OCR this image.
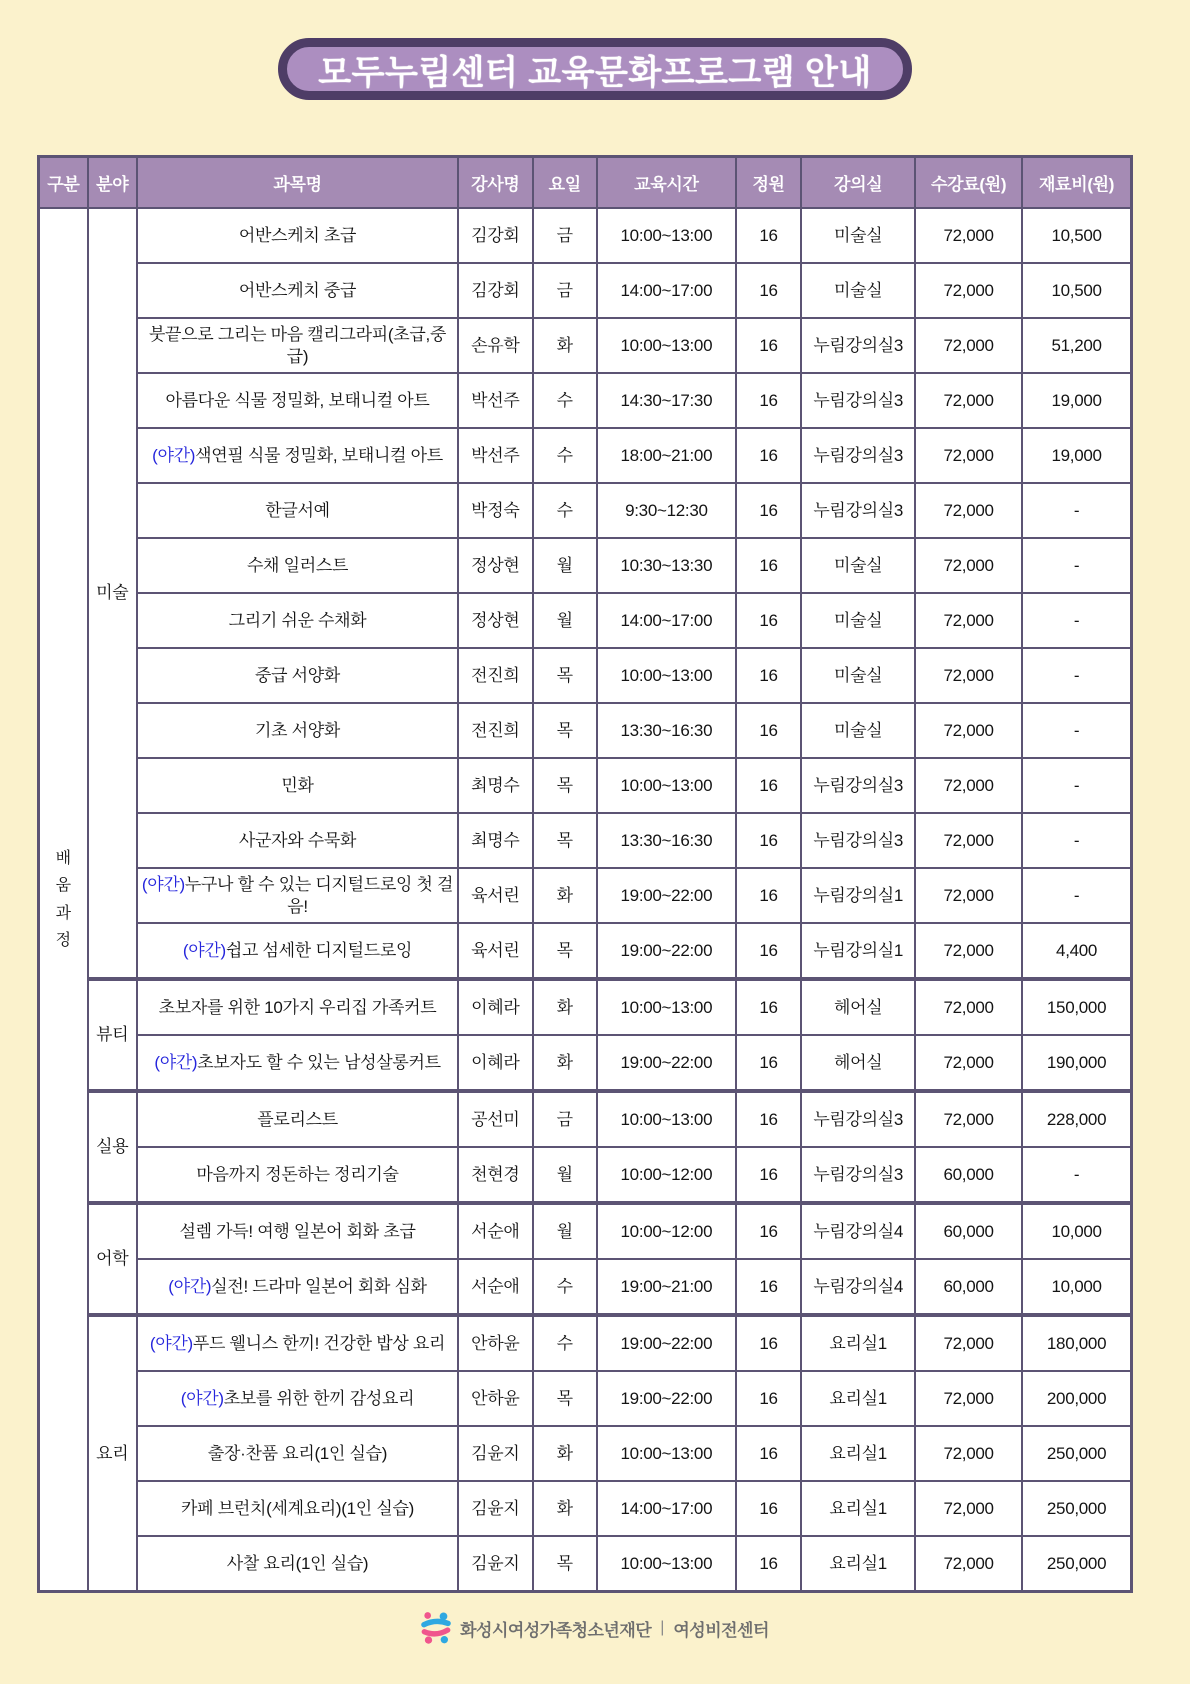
모두누림센터 교육문화프로그램 안내
구분	분야	과목명	강사명	요일	교육시간	정원	강의실	수강료(원)	재료비(원)
배움과정	미술	어반스케치 초급	김강회	금	10:00~13:00	16	미술실	72,000	10,500
		어반스케치 중급	김강회	금	14:00~17:00	16	미술실	72,000	10,500
		붓끝으로 그리는 마음 캘리그라피(초급,중급)	손유학	화	10:00~13:00	16	누림강의실3	72,000	51,200
		아름다운 식물 정밀화, 보태니컬 아트	박선주	수	14:30~17:30	16	누림강의실3	72,000	19,000
		(야간)색연필 식물 정밀화, 보태니컬 아트	박선주	수	18:00~21:00	16	누림강의실3	72,000	19,000
		한글서예	박정숙	수	9:30~12:30	16	누림강의실3	72,000	-
		수채 일러스트	정상현	월	10:30~13:30	16	미술실	72,000	-
		그리기 쉬운 수채화	정상현	월	14:00~17:00	16	미술실	72,000	-
		중급 서양화	전진희	목	10:00~13:00	16	미술실	72,000	-
		기초 서양화	전진희	목	13:30~16:30	16	미술실	72,000	-
		민화	최명수	목	10:00~13:00	16	누림강의실3	72,000	-
		사군자와 수묵화	최명수	목	13:30~16:30	16	누림강의실3	72,000	-
		(야간)누구나 할 수 있는 디지털드로잉 첫 걸음!	육서린	화	19:00~22:00	16	누림강의실1	72,000	-
		(야간)쉽고 섬세한 디지털드로잉	육서린	목	19:00~22:00	16	누림강의실1	72,000	4,400
	뷰티	초보자를 위한 10가지 우리집 가족커트	이혜라	화	10:00~13:00	16	헤어실	72,000	150,000
		(야간)초보자도 할 수 있는 남성살롱커트	이혜라	화	19:00~22:00	16	헤어실	72,000	190,000
	실용	플로리스트	공선미	금	10:00~13:00	16	누림강의실3	72,000	228,000
		마음까지 정돈하는 정리기술	천현경	월	10:00~12:00	16	누림강의실3	60,000	-
	어학	설렘 가득! 여행 일본어 회화 초급	서순애	월	10:00~12:00	16	누림강의실4	60,000	10,000
		(야간)실전! 드라마 일본어 회화 심화	서순애	수	19:00~21:00	16	누림강의실4	60,000	10,000
	요리	(야간)푸드 웰니스 한끼! 건강한 밥상 요리	안하윤	수	19:00~22:00	16	요리실1	72,000	180,000
		(야간)초보를 위한 한끼 감성요리	안하윤	목	19:00~22:00	16	요리실1	72,000	200,000
		출장·찬품 요리(1인 실습)	김윤지	화	10:00~13:00	16	요리실1	72,000	250,000
		카페 브런치(세계요리)(1인 실습)	김윤지	화	14:00~17:00	16	요리실1	72,000	250,000
		사찰 요리(1인 실습)	김윤지	목	10:00~13:00	16	요리실1	72,000	250,000
화성시여성가족청소년재단 | 여성비전센터
